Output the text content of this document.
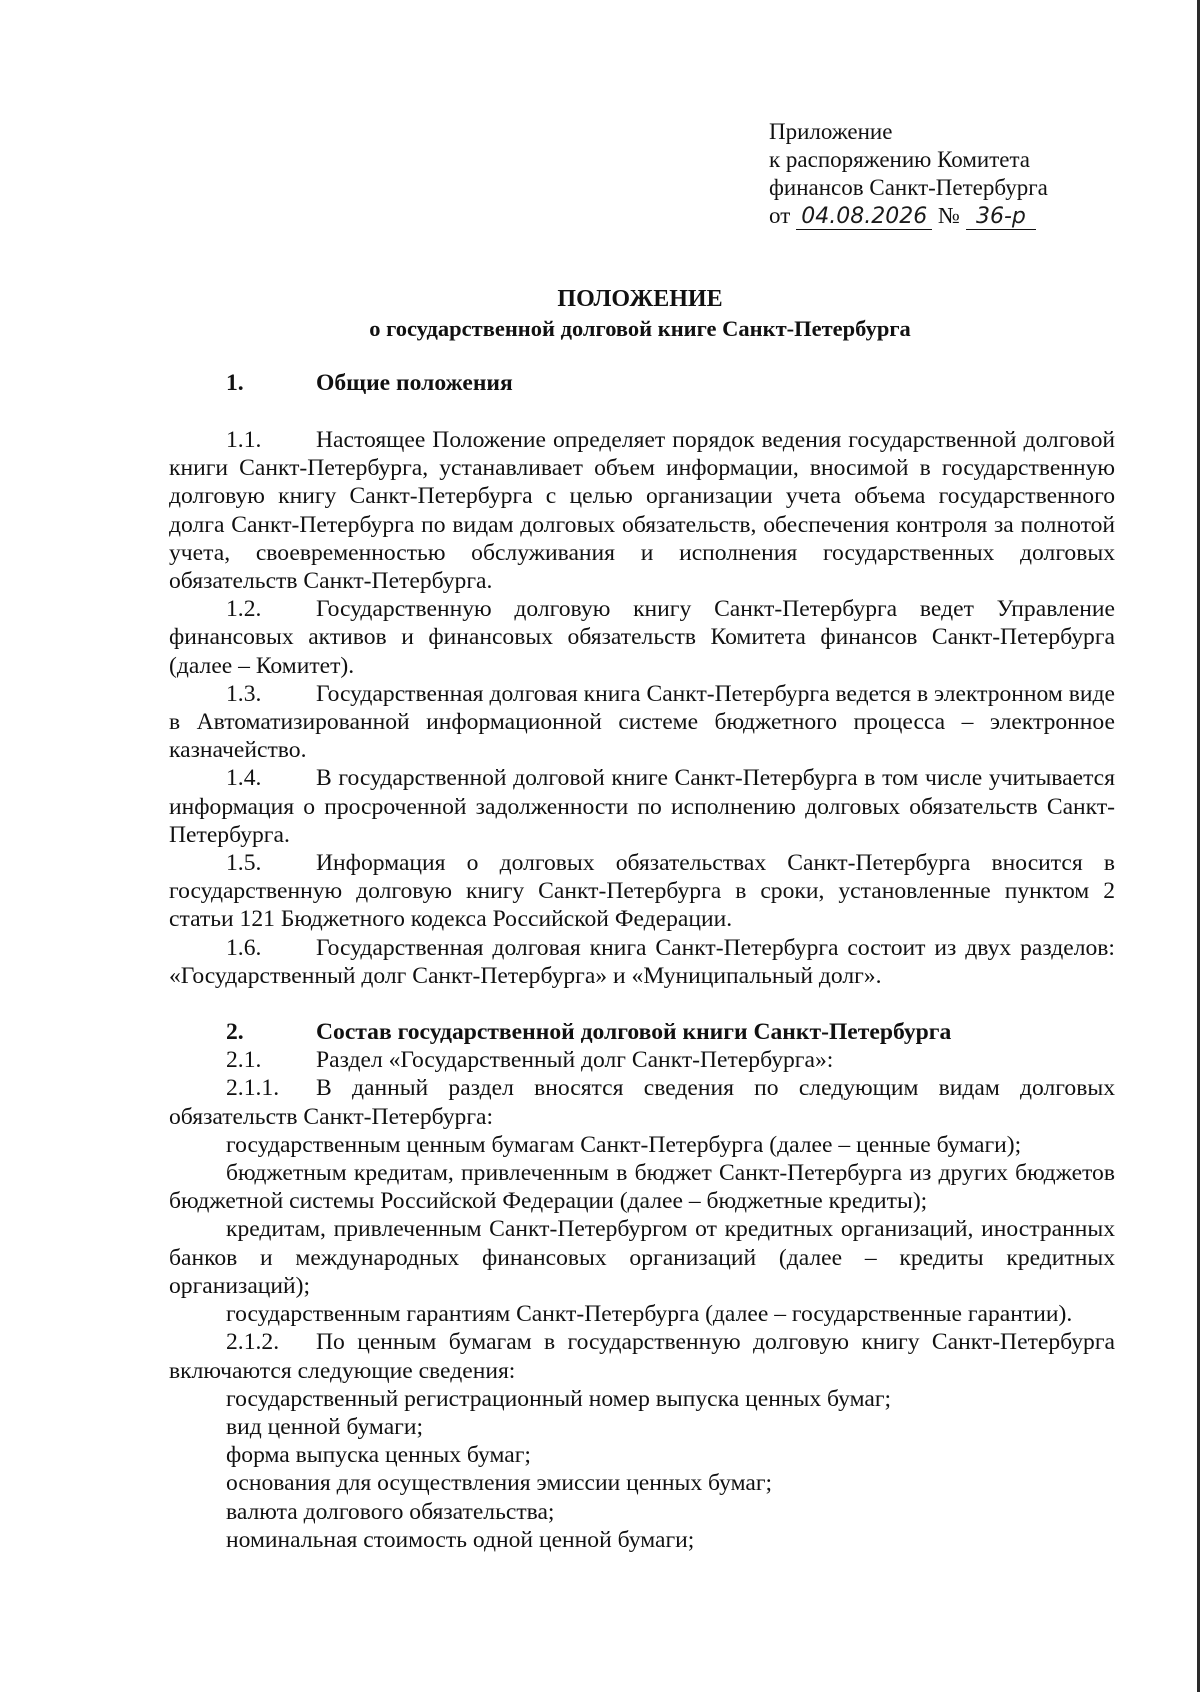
Приложение
к распоряжению Комитета
финансов Санкт-Петербурга
от 04.08.2026 № 36-р
ПОЛОЖЕНИЕ
о государственной долговой книге Санкт-Петербурга

1.	Общие положения

1.1. Настоящее Положение определяет порядок ведения государственной долговой книги Санкт-Петербурга, устанавливает объем информации, вносимой в государственную долговую книгу Санкт-Петербурга с целью организации учета объема государственного долга Санкт-Петербурга по видам долговых обязательств, обеспечения контроля за полнотой учета, своевременностью обслуживания и исполнения государственных долговых обязательств Санкт-Петербурга.

1.2. Государственную долговую книгу Санкт-Петербурга ведет Управление финансовых активов и финансовых обязательств Комитета финансов Санкт-Петербурга (далее – Комитет).

1.3. Государственная долговая книга Санкт-Петербурга ведется в электронном виде в Автоматизированной информационной системе бюджетного процесса – электронное казначейство.

1.4. В государственной долговой книге Санкт-Петербурга в том числе учитывается информация о просроченной задолженности по исполнению долговых обязательств Санкт-Петербурга.

1.5. Информация о долговых обязательствах Санкт-Петербурга вносится в государственную долговую книгу Санкт-Петербурга в сроки, установленные пунктом 2 статьи 121 Бюджетного кодекса Российской Федерации.

1.6. Государственная долговая книга Санкт-Петербурга состоит из двух разделов: «Государственный долг Санкт-Петербурга» и «Муниципальный долг».

2.	Состав государственной долговой книги Санкт-Петербурга

2.1. Раздел «Государственный долг Санкт-Петербурга»:

2.1.1. В данный раздел вносятся сведения по следующим видам долговых обязательств Санкт-Петербурга:

государственным ценным бумагам Санкт-Петербурга (далее – ценные бумаги);

бюджетным кредитам, привлеченным в бюджет Санкт-Петербурга из других бюджетов бюджетной системы Российской Федерации (далее – бюджетные кредиты);

кредитам, привлеченным Санкт-Петербургом от кредитных организаций, иностранных банков и международных финансовых организаций (далее – кредиты кредитных организаций);

государственным гарантиям Санкт-Петербурга (далее – государственные гарантии).

2.1.2. По ценным бумагам в государственную долговую книгу Санкт-Петербурга включаются следующие сведения:

государственный регистрационный номер выпуска ценных бумаг;

вид ценной бумаги;

форма выпуска ценных бумаг;

основания для осуществления эмиссии ценных бумаг;

валюта долгового обязательства;

номинальная стоимость одной ценной бумаги;
